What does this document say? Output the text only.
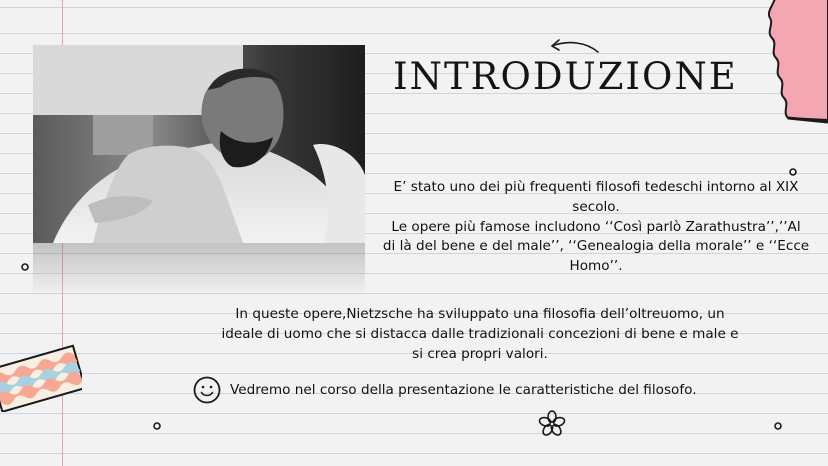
INTRODUZIONE

E’ stato uno dei più frequenti filosofi tedeschi intorno al XIX
secolo.
Le opere più famose includono ‘‘Così parlò Zarathustra’’,’’Al
di là del bene e del male’’, ‘‘Genealogia della morale’’ e ‘‘Ecce
Homo’’.

In queste opere,Nietzsche ha sviluppato una filosofia dell’oltreuomo, un ideale di uomo che si distacca dalle tradizionali concezioni di bene e male e si crea propri valori.

Vedremo nel corso della presentazione le caratteristiche del filosofo.
